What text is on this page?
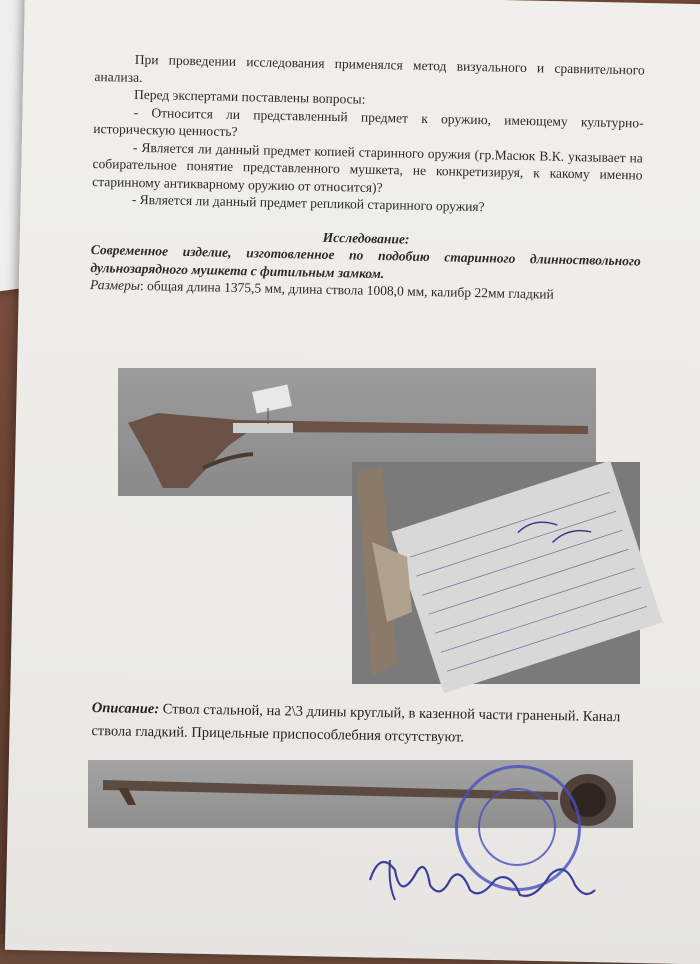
При проведении исследования применялся метод визуального и сравнительного анализа.

Перед экспертами поставлены вопросы:

- Относится ли представленный предмет к оружию, имеющему культурно-историческую ценность?

- Является ли данный предмет копией старинного оружия (гр.Масюк В.К. указывает на собирательное понятие представленного мушкета, не конкретизируя, к какому именно старинному антикварному оружию от относится)?

- Является ли данный предмет репликой старинного оружия?

Исследование:

Современное изделие, изготовленное по подобию старинного длинноствольного дульнозарядного мушкета с фитильным замком.

Размеры: общая длина 1375,5 мм, длина ствола 1008,0 мм, калибр 22мм гладкий

Описание: Ствол стальной, на 2\3 длины круглый, в казенной части граненый. Канал ствола гладкий. Прицельные приспособлебния отсутствуют.
